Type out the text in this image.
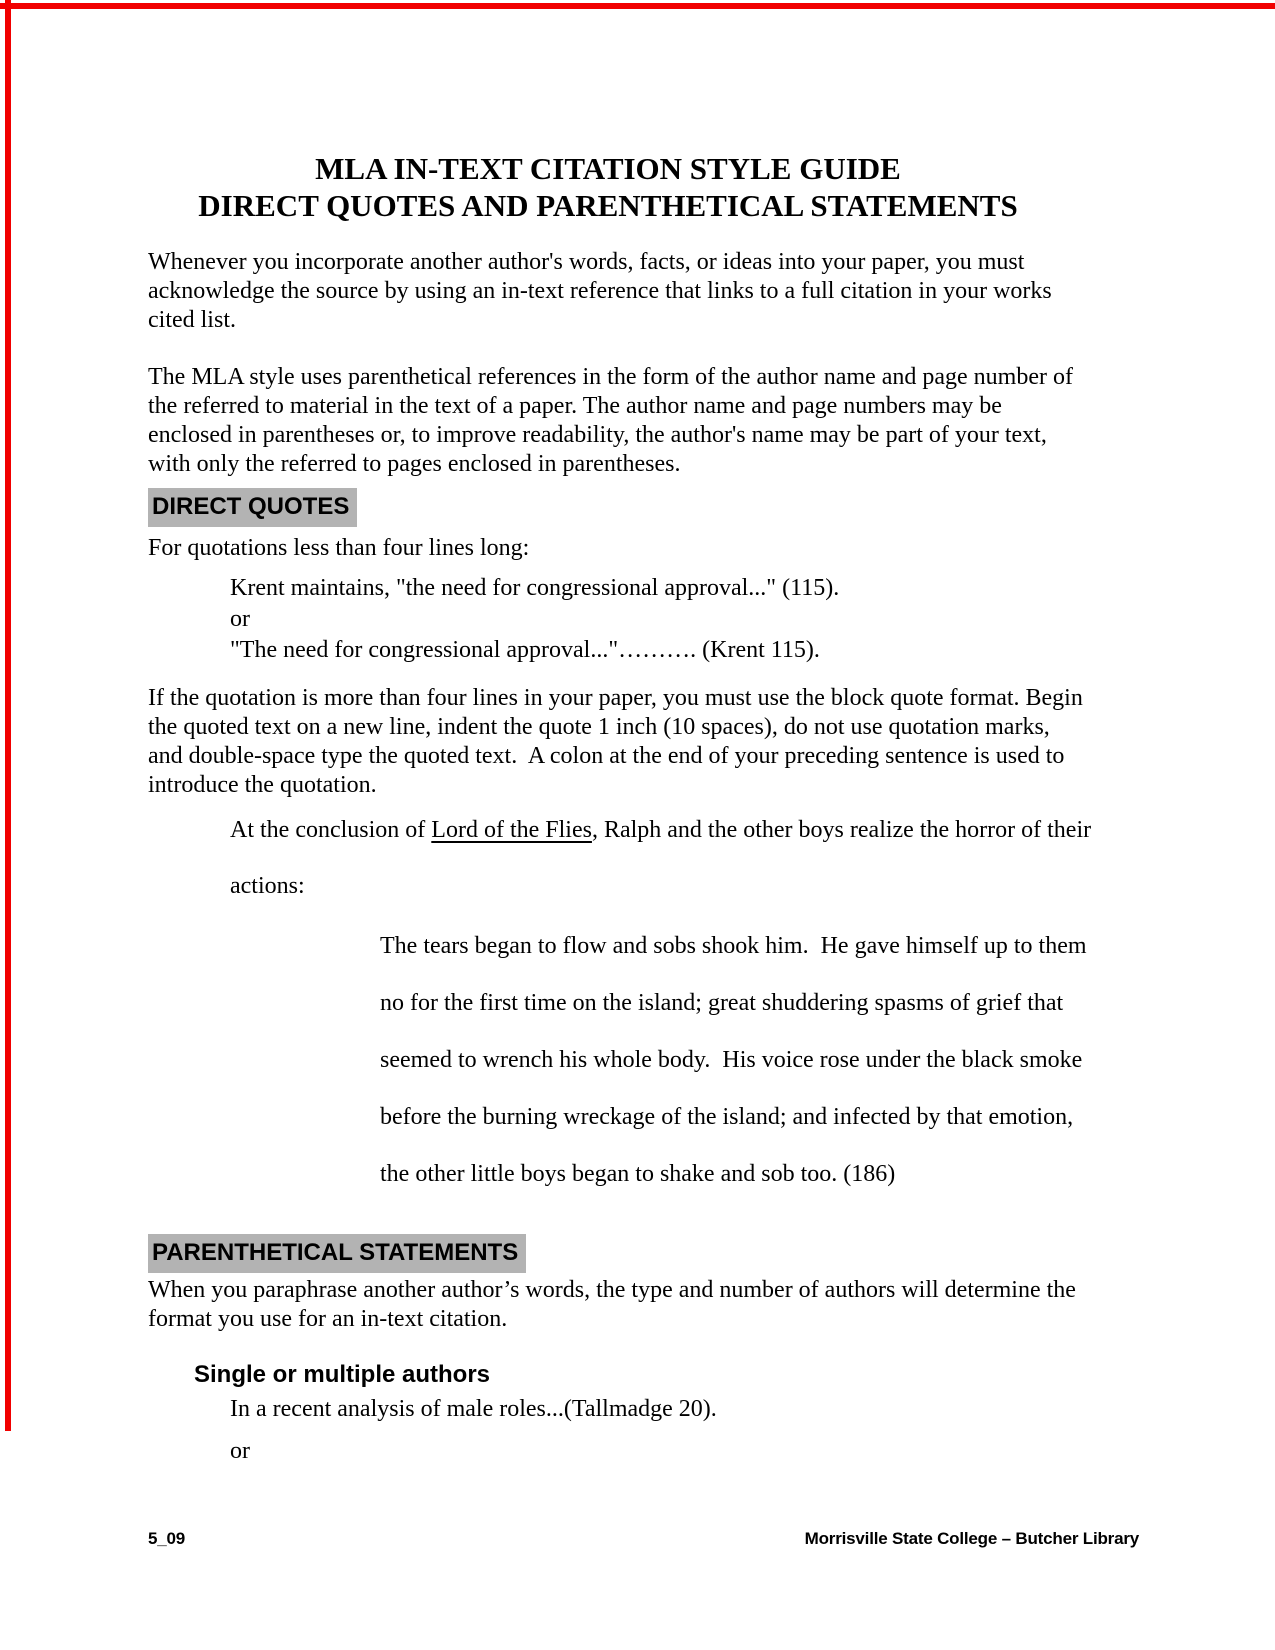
MLA IN-TEXT CITATION STYLE GUIDE
DIRECT QUOTES AND PARENTHETICAL STATEMENTS
Whenever you incorporate another author's words, facts, or ideas into your paper, you must
acknowledge the source by using an in-text reference that links to a full citation in your works
cited list.
The MLA style uses parenthetical references in the form of the author name and page number of
the referred to material in the text of a paper. The author name and page numbers may be
enclosed in parentheses or, to improve readability, the author's name may be part of your text,
with only the referred to pages enclosed in parentheses.
DIRECT QUOTES
For quotations less than four lines long:
Krent maintains, "the need for congressional approval..." (115).
or
"The need for congressional approval..."………. (Krent 115).
If the quotation is more than four lines in your paper, you must use the block quote format. Begin
the quoted text on a new line, indent the quote 1 inch (10 spaces), do not use quotation marks,
and double-space type the quoted text.  A colon at the end of your preceding sentence is used to
introduce the quotation.
At the conclusion of Lord of the Flies, Ralph and the other boys realize the horror of their
actions:
The tears began to flow and sobs shook him.  He gave himself up to them
no for the first time on the island; great shuddering spasms of grief that
seemed to wrench his whole body.  His voice rose under the black smoke
before the burning wreckage of the island; and infected by that emotion,
the other little boys began to shake and sob too. (186)
PARENTHETICAL STATEMENTS
When you paraphrase another author’s words, the type and number of authors will determine the
format you use for an in-text citation.
Single or multiple authors
In a recent analysis of male roles...(Tallmadge 20).
or
5_09	Morrisville State College – Butcher Library
